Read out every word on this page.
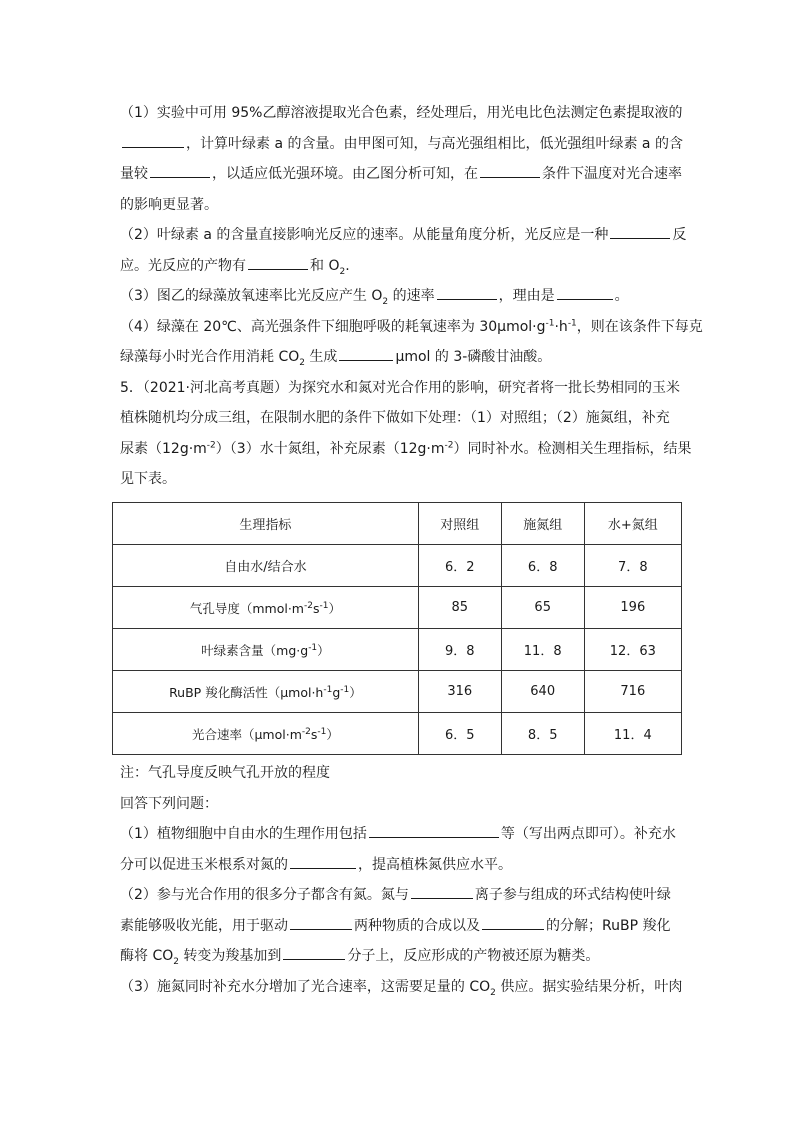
（1）实验中可用 95%乙醇溶液提取光合色素，经处理后，用光电比色法测定色素提取液的
，计算叶绿素 a 的含量。由甲图可知，与高光强组相比，低光强组叶绿素 a 的含
量较	，以适应低光强环境。由乙图分析可知，在	条件下温度对光合速率
的影响更显著。
（2）叶绿素 a 的含量直接影响光反应的速率。从能量角度分析，光反应是一种	反
应。光反应的产物有	和 $O_2$.
（3）图乙的绿藻放氧速率比光反应产生 $O_2$ 的速率	，理由是	。
（4）绿藻在 20℃、高光强条件下细胞呼吸的耗氧速率为 $30\mu mol\cdot g^{-1}\cdot h^{-1}$，则在该条件下每克
绿藻每小时光合作用消耗 $CO_2$ 生成	μmol 的 3-磷酸甘油酸。
5．（2021·河北高考真题）为探究水和氮对光合作用的影响，研究者将一批长势相同的玉米
植株随机均分成三组，在限制水肥的条件下做如下处理：（1）对照组；（2）施氮组，补充
尿素$(12g\cdot m^{-2})(3)$水十氮组，补充尿素$(12g\cdot m^{-2})$同时补水。检测相关生理指标，结果
见下表。
生理指标	对照组	施氮组	水+氮组
自由水/结合水	6．2	6．8	7．8
气孔导度$(mmol\cdot m^{-2}s^{-1})$	85	65	196
叶绿素含量$(mg\cdot g^{-1})$	9．8	11．8	12．63
RuBP 羧化酶活性$(\mu mol\cdot h^{-1}g^{-1})$	316	640	716
光合速率$(\mu mol\cdot m^{-2}s^{-1})$	6．5	8．5	11．4
注：气孔导度反映气孔开放的程度
回答下列问题：
（1）植物细胞中自由水的生理作用包括	等（写出两点即可）。补充水
分可以促进玉米根系对氮的	，提高植株氮供应水平。
（2）参与光合作用的很多分子都含有氮。氮与	离子参与组成的环式结构使叶绿
素能够吸收光能，用于驱动	两种物质的合成以及	的分解；RuBP 羧化
酶将 $CO_2$ 转变为羧基加到	分子上，反应形成的产物被还原为糖类。
（3）施氮同时补充水分增加了光合速率，这需要足量的 $CO_2$ 供应。据实验结果分析，叶肉
